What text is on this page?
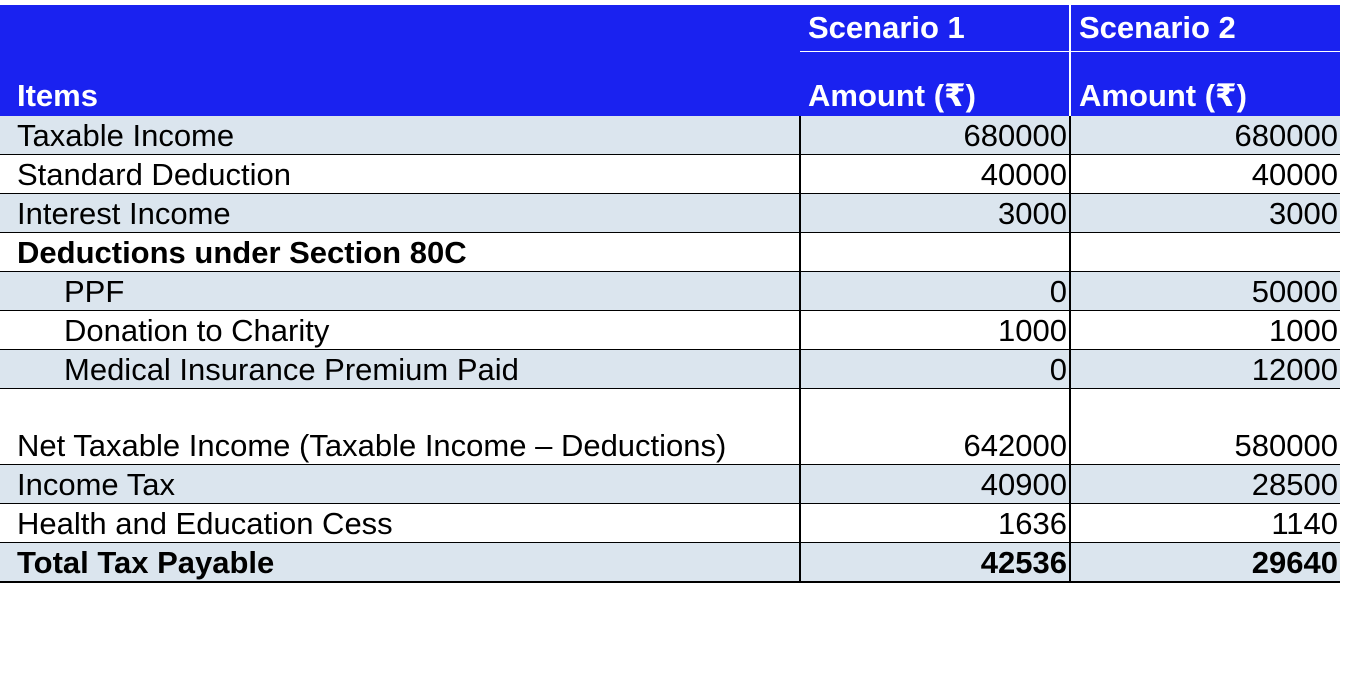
	Scenario 1	Scenario 2
Items	Amount (₹)	Amount (₹)
Taxable Income	680000	680000
Standard Deduction	40000	40000
Interest Income	3000	3000
Deductions under Section 80C		
PPF	0	50000
Donation to Charity	1000	1000
Medical Insurance Premium Paid	0	12000
Net Taxable Income (Taxable Income – Deductions)	642000	580000
Income Tax	40900	28500
Health and Education Cess	1636	1140
Total Tax Payable	42536	29640
